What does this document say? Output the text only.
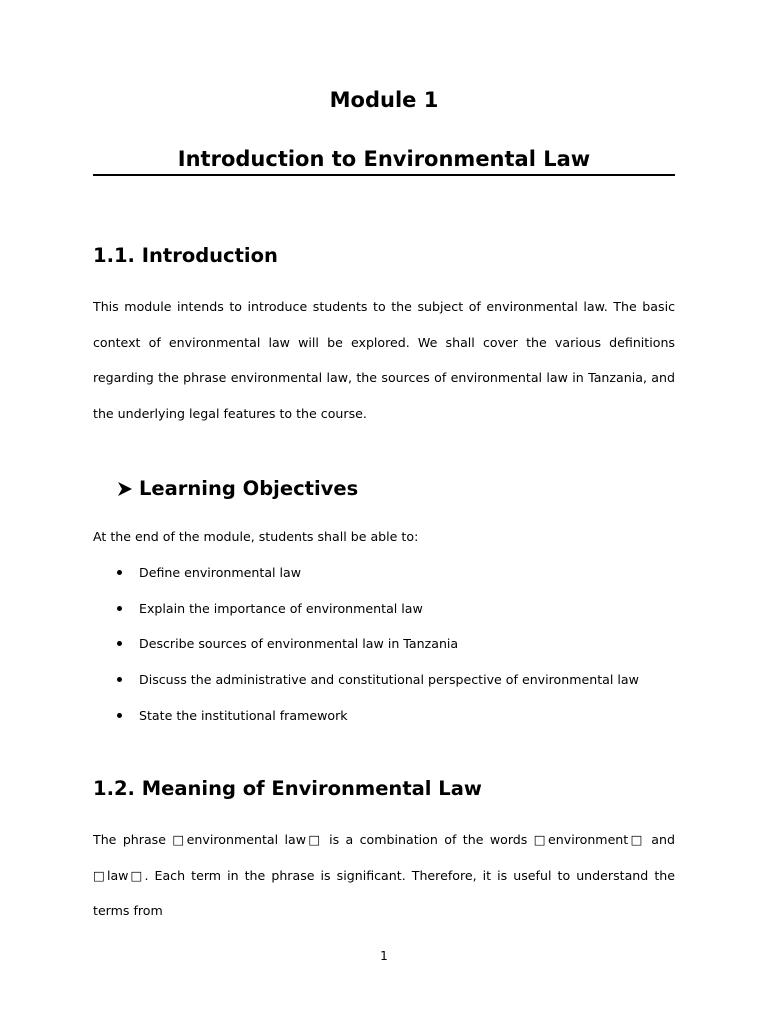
Module 1
Introduction to Environmental Law
1.1. Introduction

This module intends to introduce students to the subject of environmental law. The basic context of environmental law will be explored. We shall cover the various definitions regarding the phrase environmental law, the sources of environmental law in Tanzania, and the underlying legal features to the course.

Learning Objectives

At the end of the module, students shall be able to:

Define environmental law
Explain the importance of environmental law
Describe sources of environmental law in Tanzania
Discuss the administrative and constitutional perspective of environmental law
State the institutional framework
1.2. Meaning of Environmental Law

The phrase □environmental law□ is a combination of the words □environment□ and □law□. Each term in the phrase is significant. Therefore, it is useful to understand the terms from

1
